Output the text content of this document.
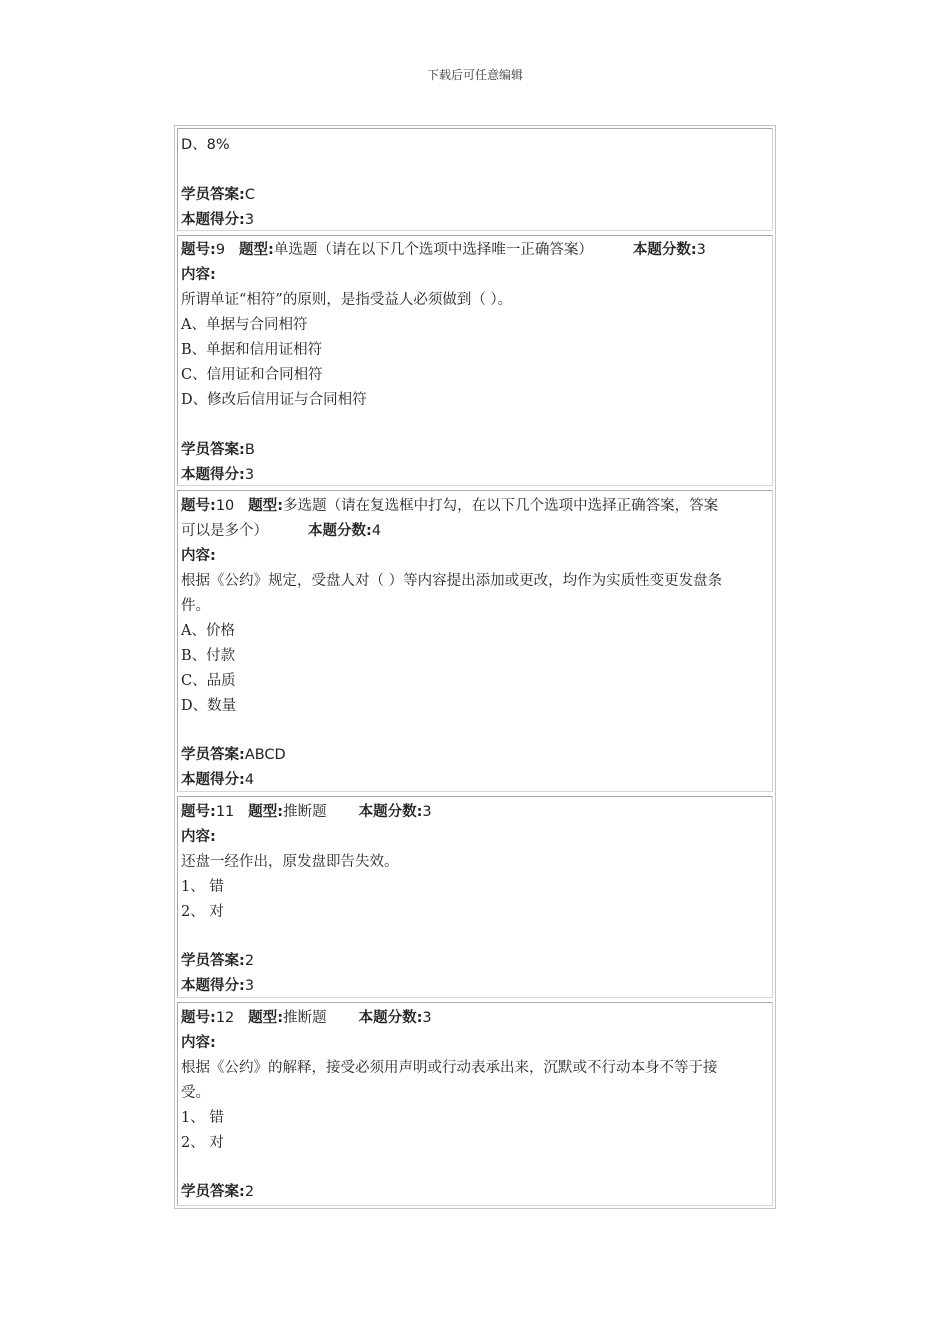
下载后可任意编辑
D、8%
学员答案:C
本题得分:3
题号:9 题型:单选题（请在以下几个选项中选择唯一正确答案）	本题分数:3
内容:
所谓单证“相符”的原则，是指受益人必须做到（ ）。
A、单据与合同相符
B、单据和信用证相符
C、信用证和合同相符
D、修改后信用证与合同相符
学员答案:B
本题得分:3
题号:10 题型:多选题（请在复选框中打勾，在以下几个选项中选择正确答案，答案
可以是多个）	本题分数:4
内容:
根据《公约》规定，受盘人对（ ）等内容提出添加或更改，均作为实质性变更发盘条
件。
A、价格
B、付款
C、品质
D、数量
学员答案:ABCD
本题得分:4
题号:11 题型:推断题 本题分数:3
内容:
还盘一经作出，原发盘即告失效。
1、 错
2、 对
学员答案:2
本题得分:3
题号:12 题型:推断题 本题分数:3
内容:
根据《公约》的解释，接受必须用声明或行动表承出来，沉默或不行动本身不等于接
受。
1、 错
2、 对
学员答案:2
